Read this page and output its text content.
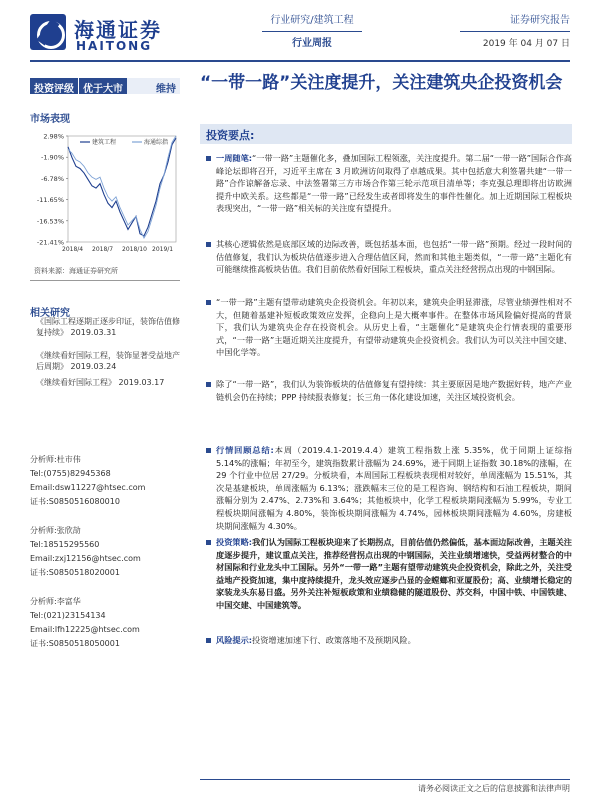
海通证券
HAITONG
行业研究/建筑工程
行业周报
证券研究报告
2019 年 04 月 07 日
投资评级 优于大市	维持
市场表现
2.98%
-1.90%
-6.78%
-11.65%
-16.53%
-21.41%
2018/4 2018/7 2018/10 2019/1
建筑工程	海通综指
资料来源：海通证券研究所
相关研究
《国际工程逐期正逐步印证，装饰估值修复持续》 2019.03.31
《继续看好国际工程，装饰显著受益地产后周期》 2019.03.24
《继续看好国际工程》 2019.03.17
分析师:杜市伟
Tel:(0755)82945368
Email:dsw11227@htsec.com
证书:S0850516080010
分析师:张欣劼
Tel:18515295560
Email:zxj12156@htsec.com
证书:S0850518020001
分析师:李富华
Tel:(021)23154134
Email:lfh12225@htsec.com
证书:S0850518050001
“一带一路”关注度提升，关注建筑央企投资机会
投资要点:
一周随笔:“一带一路”主题催化多，叠加国际工程领涨，关注度提升。第二届“一带一路”国际合作高峰论坛即将召开，习近平主席在 3 月欧洲访问取得了卓越成果。其中包括意大利签署共建“一带一路”合作谅解备忘录、中法签署第三方市场合作第三轮示范项目清单等；李克强总理即将出访欧洲提升中欧关系。这些都是“一带一路”已经发生或者即将发生的事件性催化。加上近期国际工程板块表现突出，“一带一路”相关标的关注度有望提升。
其核心逻辑依然是底部区域的边际改善，既包括基本面，也包括“一带一路”预期。经过一段时间的估值修复，我们认为板块估值逐步进入合理估值区间，然而和其他主题类似，“一带一路”主题化有可能继续推高板块估值。我们目前依然看好国际工程板块，重点关注经营拐点出现的中钢国际。
“一带一路”主题有望带动建筑央企投资机会。年初以来，建筑央企明显滞涨，尽管业绩弹性相对不大，但随着基建补短板政策效应发挥，企稳向上是大概率事件。在整体市场风险偏好提高的背景下，我们认为建筑央企存在投资机会。从历史上看，“主题催化”是建筑央企行情表现的重要形式，“一带一路”主题近期关注度提升，有望带动建筑央企投资机会。我们认为可以关注中国交建、中国化学等。
除了“一带一路”，我们认为装饰板块的估值修复有望持续：其主要原因是地产数据好转，地产产业链机会仍在持续；PPP 持续报表修复；长三角一体化建设加速，关注区域投资机会。
行情回顾总结:本周（2019.4.1-2019.4.4）建筑工程指数上涨 5.35%，优于同期上证综指 5.14%的涨幅；年初至今，建筑指数累计涨幅为 24.69%，逊于同期上证指数 30.18%的涨幅，在 29 个行业中位居 27/29。分板块看，本周国际工程板块表现相对较好，单周涨幅为 15.51%，其次是基建板块，单周涨幅为 6.13%；涨跌幅末三位的是工程咨询、钢结构和石油工程板块，期间涨幅分别为 2.47%、2.73%和 3.64%；其他板块中，化学工程板块期间涨幅为 5.99%，专业工程板块期间涨幅为 4.80%，装饰板块期间涨幅为 4.74%，园林板块期间涨幅为 4.60%，房建板块期间涨幅为 4.30%。
投资策略:我们认为国际工程板块迎来了长期拐点，目前估值仍然偏低，基本面边际改善，主题关注度逐步提升，建议重点关注，推荐经营拐点出现的中钢国际，关注业绩增速快，受益两材整合的中材国际和行业龙头中工国际。另外“一带一路”主题有望带动建筑央企投资机会，除此之外，关注受益地产投资加速，集中度持续提升，龙头效应逐步凸显的金螳螂和亚厦股份；高、业绩增长稳定的家装龙头东易日盛。另外关注补短板政策和业绩稳健的隧道股份、苏交科，中国中铁、中国铁建、中国交建、中国建筑等。
风险提示:投资增速加速下行、政策落地不及预期风险。
请务必阅读正文之后的信息披露和法律声明
